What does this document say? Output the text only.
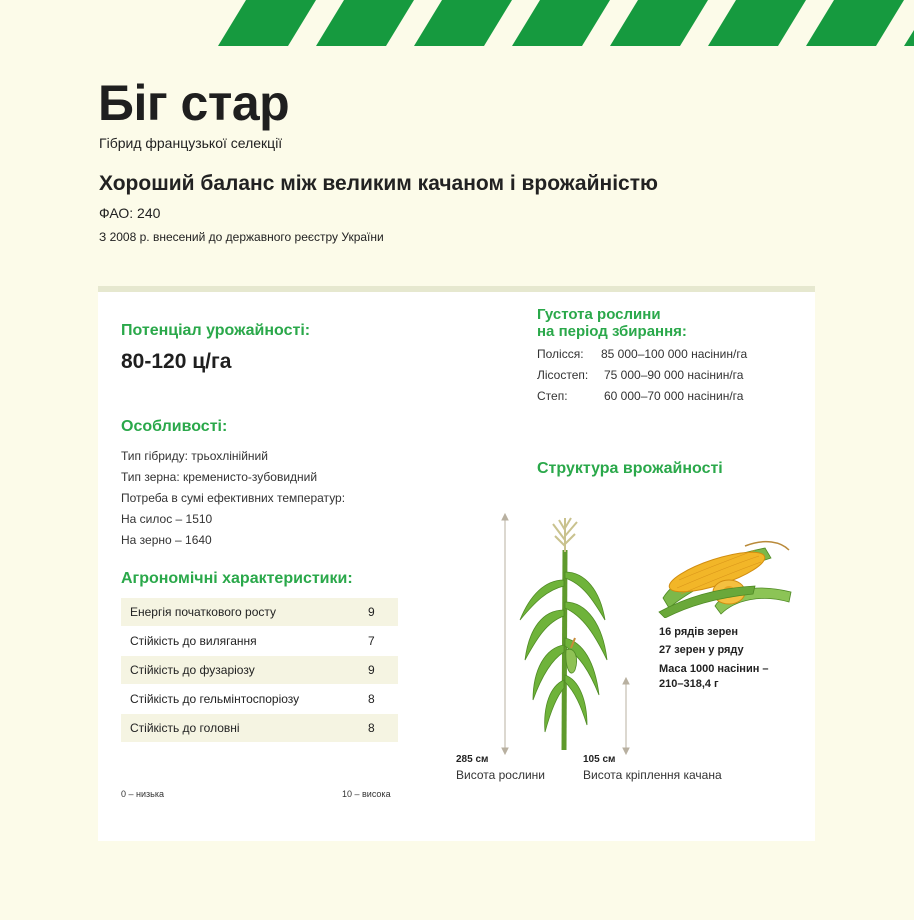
Біг стар
Гібрид французької селекції
Хороший баланс між великим качаном і врожайністю
ФАО: 240
З 2008 р. внесений до державного реєстру України
Потенціал урожайності:
80-120 ц/га
Особливості:
Тип гібриду: трьохлінійний
Тип зерна: кременисто-зубовидний
Потреба в сумі ефективних температур:
На силос – 1510
На зерно – 1640
Агрономічні характеристики:
Енергія початкового росту	9
Стійкість до вилягання	7
Стійкість до фузаріозу	9
Стійкість до гельмінтоспоріозу	8
Стійкість до головні	8
0 – низька	10 – висока
Густота рослини
на період збирання:
Полісся: 85 000–100 000 насінин/га
Лісостеп: 75 000–90 000 насінин/га
Степ:	60 000–70 000 насінин/га
Структура врожайності
16 рядів зерен
27 зерен у ряду
Маса 1000 насінин –
210–318,4 г
285 см
Висота рослини
105 см
Висота кріплення качана
